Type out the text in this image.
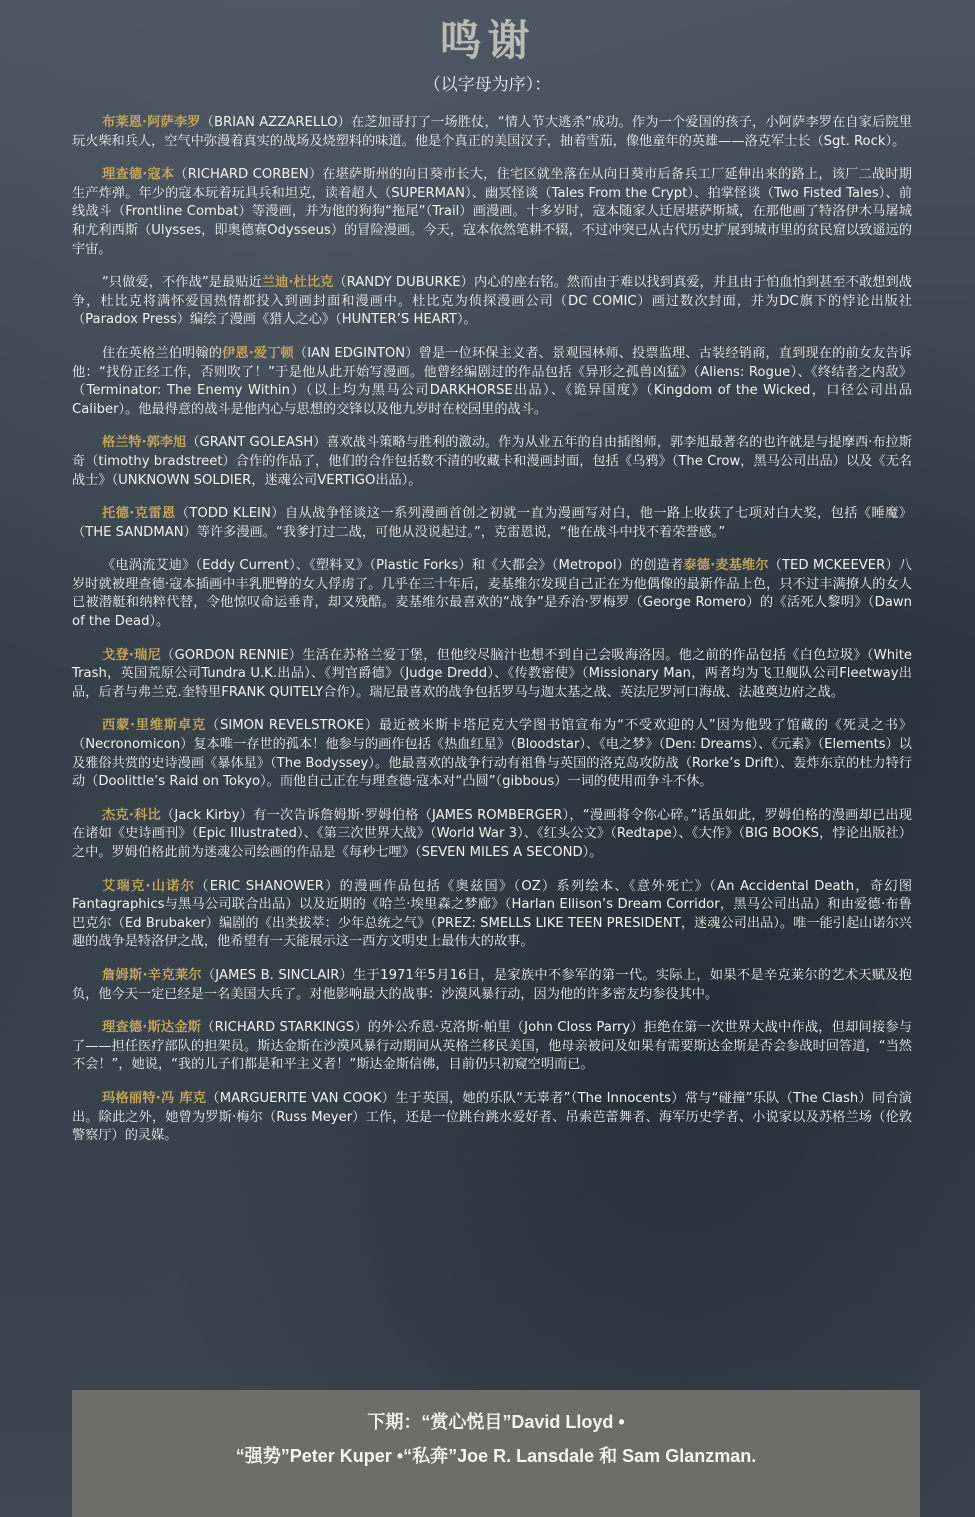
鸣谢
（以字母为序）：

布莱恩·阿萨李罗（BRIAN AZZARELLO）在芝加哥打了一场胜仗，“情人节大逃杀”成功。作为一个爱国的孩子，小阿萨李罗在自家后院里玩火柴和兵人，空气中弥漫着真实的战场及烧塑料的味道。他是个真正的美国汉子，抽着雪茄，像他童年的英雄——洛克军士长（Sgt. Rock）。

理查德·寇本（RICHARD CORBEN）在堪萨斯州的向日葵市长大，住宅区就坐落在从向日葵市后备兵工厂延伸出来的路上，该厂二战时期生产炸弹。年少的寇本玩着玩具兵和坦克，读着超人（SUPERMAN）、幽冥怪谈（Tales From the Crypt）、拍掌怪谈（Two Fisted Tales）、前线战斗（Frontline Combat）等漫画，并为他的狗狗“拖尾”（Trail）画漫画。十多岁时，寇本随家人迁居堪萨斯城，在那他画了特洛伊木马屠城和尤利西斯（Ulysses，即奥德赛Odysseus）的冒险漫画。今天，寇本依然笔耕不辍，不过冲突已从古代历史扩展到城市里的贫民窟以致遥远的宇宙。

“只做爱，不作战”是最贴近兰迪·杜比克（RANDY DUBURKE）内心的座右铭。然而由于难以找到真爱，并且由于怕血怕到甚至不敢想到战争，杜比克将满怀爱国热情都投入到画封面和漫画中。杜比克为侦探漫画公司（DC COMIC）画过数次封面，并为DC旗下的悖论出版社（Paradox Press）编绘了漫画《猎人之心》（HUNTER’S HEART）。

住在英格兰伯明翰的伊恩·爱丁顿（IAN EDGINTON）曾是一位环保主义者、景观园林师、投票监理、古装经销商，直到现在的前女友告诉他：“找份正经工作，否则吹了！”于是他从此开始写漫画。他曾经编剧过的作品包括《异形之孤兽凶猛》（Aliens: Rogue）、《终结者之内敌》（Terminator: The Enemy Within）（以上均为黑马公司DARKHORSE出品）、《诡异国度》（Kingdom of the Wicked，口径公司出品Caliber）。他最得意的战斗是他内心与思想的交锋以及他九岁时在校园里的战斗。

格兰特·郭李旭（GRANT GOLEASH）喜欢战斗策略与胜利的激动。作为从业五年的自由插图师，郭李旭最著名的也许就是与提摩西·布拉斯奇（timothy bradstreet）合作的作品了，他们的合作包括数不清的收藏卡和漫画封面，包括《乌鸦》（The Crow，黑马公司出品）以及《无名战士》（UNKNOWN SOLDIER，迷魂公司VERTIGO出品）。

托德·克雷恩（TODD KLEIN）自从战争怪谈这一系列漫画首创之初就一直为漫画写对白，他一路上收获了七项对白大奖，包括《睡魔》（THE SANDMAN）等许多漫画。“我爹打过二战，可他从没说起过。”，克雷恩说，“他在战斗中找不着荣誉感。”

《电涡流艾迪》（Eddy Current）、《塑料叉》（Plastic Forks）和《大都会》（Metropol）的创造者泰德·麦基维尔（TED MCKEEVER）八岁时就被理查德·寇本插画中丰乳肥臀的女人俘虏了。几乎在三十年后，麦基维尔发现自己正在为他偶像的最新作品上色，只不过丰满撩人的女人已被潜艇和纳粹代替，令他惊叹命运垂青，却又残酷。麦基维尔最喜欢的“战争”是乔治·罗梅罗（George Romero）的《活死人黎明》（Dawn of the Dead）。

戈登·瑞尼（GORDON RENNIE）生活在苏格兰爱丁堡，但他绞尽脑汁也想不到自己会吸海洛因。他之前的作品包括《白色垃圾》（White Trash，英国荒原公司Tundra U.K.出品）、《判官爵德》（Judge Dredd）、《传教密使》（Missionary Man，两者均为飞卫舰队公司Fleetway出品，后者与弗兰克.奎特里FRANK QUITELY合作）。瑞尼最喜欢的战争包括罗马与迦太基之战、英法尼罗河口海战、法越奠边府之战。

西蒙·里维斯卓克（SIMON REVELSTROKE）最近被米斯卡塔尼克大学图书馆宣布为“不受欢迎的人”因为他毁了馆藏的《死灵之书》（Necronomicon）复本唯一存世的孤本！他参与的画作包括《热血红星》（Bloodstar）、《电之梦》（Den: Dreams）、《元素》（Elements）以及雅俗共赏的史诗漫画《暴体星》（The Bodyssey）。他最喜欢的战争行动有祖鲁与英国的洛克岛攻防战（Rorke’s Drift）、轰炸东京的杜力特行动（Doolittle’s Raid on Tokyo）。而他自己正在与理查德·寇本对“凸圆”（gibbous）一词的使用而争斗不休。

杰克·科比（Jack Kirby）有一次告诉詹姆斯·罗姆伯格（JAMES ROMBERGER），“漫画将令你心碎。”话虽如此，罗姆伯格的漫画却已出现在诸如《史诗画刊》（Epic Illustrated）、《第三次世界大战》（World War 3）、《红头公文》（Redtape）、《大作》（BIG BOOKS，悖论出版社）之中。罗姆伯格此前为迷魂公司绘画的作品是《每秒七哩》（SEVEN MILES A SECOND）。

艾瑞克·山诺尔（ERIC SHANOWER）的漫画作品包括《奥兹国》（OZ）系列绘本、《意外死亡》（An Accidental Death，奇幻图Fantagraphics与黑马公司联合出品）以及近期的《哈兰·埃里森之梦廊》（Harlan Ellison’s Dream Corridor，黑马公司出品）和由爱德·布鲁巴克尔（Ed Brubaker）编剧的《出类拔萃：少年总统之气》（PREZ: SMELLS LIKE TEEN PRESIDENT，迷魂公司出品）。唯一能引起山诺尔兴趣的战争是特洛伊之战，他希望有一天能展示这一西方文明史上最伟大的故事。

詹姆斯·辛克莱尔（JAMES B. SINCLAIR）生于1971年5月16日，是家族中不参军的第一代。实际上，如果不是辛克莱尔的艺术天赋及抱负，他今天一定已经是一名美国大兵了。对他影响最大的战事：沙漠风暴行动，因为他的许多密友均参役其中。

理查德·斯达金斯（RICHARD STARKINGS）的外公乔恩·克洛斯·帕里（John Closs Parry）拒绝在第一次世界大战中作战，但却间接参与了——担任医疗部队的担架员。斯达金斯在沙漠风暴行动期间从英格兰移民美国，他母亲被问及如果有需要斯达金斯是否会参战时回答道，“当然不会！”，她说，“我的儿子们都是和平主义者！”斯达金斯信佛，目前仍只初窥空明而已。

玛格丽特·冯 库克（MARGUERITE VAN COOK）生于英国，她的乐队“无辜者”（The Innocents）常与“碰撞”乐队（The Clash）同台演出。除此之外，她曾为罗斯·梅尔（Russ Meyer）工作，还是一位跳台跳水爱好者、吊索芭蕾舞者、海军历史学者、小说家以及苏格兰场（伦敦警察厅）的灵媒。

下期：“赏心悦目”David Lloyd •
“强势”Peter Kuper •“私奔”Joe R. Lansdale 和 Sam Glanzman.
